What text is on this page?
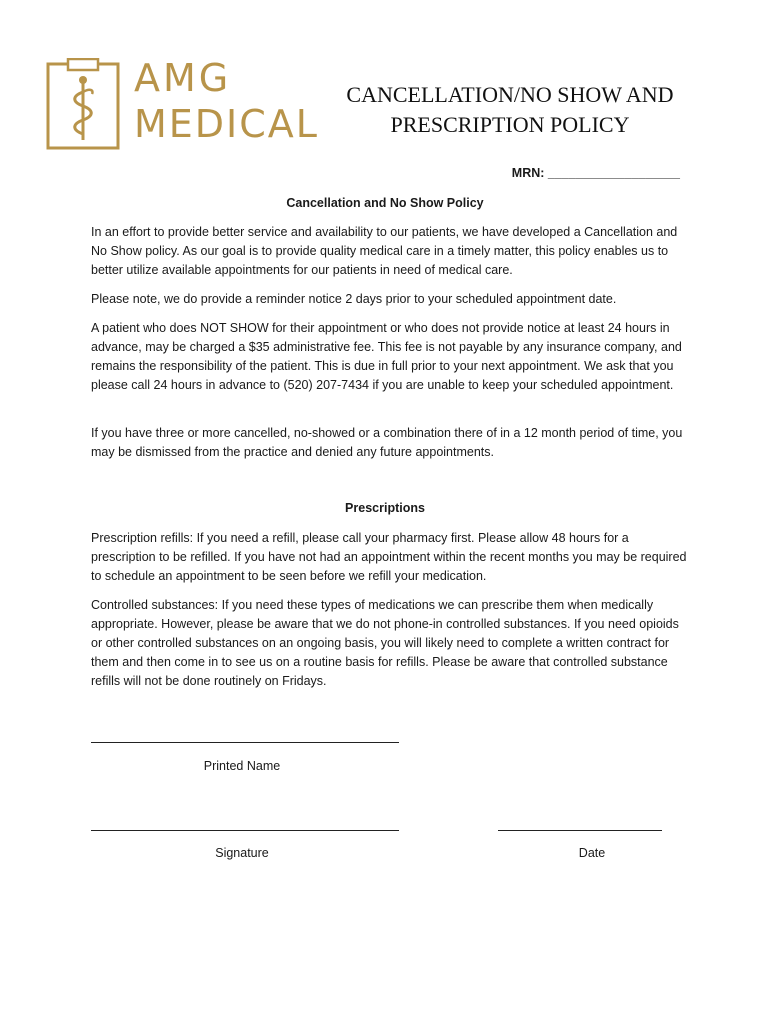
AMG
MEDICAL
CANCELLATION/NO SHOW AND
PRESCRIPTION POLICY
MRN: ___________________
Cancellation and No Show Policy
In an effort to provide better service and availability to our patients, we have developed a Cancellation and No Show policy. As our goal is to provide quality medical care in a timely matter, this policy enables us to better utilize available appointments for our patients in need of medical care.
Please note, we do provide a reminder notice 2 days prior to your scheduled appointment date.
A patient who does NOT SHOW for their appointment or who does not provide notice at least 24 hours in advance, may be charged a $35 administrative fee. This fee is not payable by any insurance company, and remains the responsibility of the patient. This is due in full prior to your next appointment. We ask that you please call 24 hours in advance to (520) 207-7434 if you are unable to keep your scheduled appointment.
If you have three or more cancelled, no-showed or a combination there of in a 12 month period of time, you may be dismissed from the practice and denied any future appointments.
Prescriptions
Prescription refills: If you need a refill, please call your pharmacy first. Please allow 48 hours for a prescription to be refilled. If you have not had an appointment within the recent months you may be required to schedule an appointment to be seen before we refill your medication.
Controlled substances: If you need these types of medications we can prescribe them when medically appropriate. However, please be aware that we do not phone-in controlled substances. If you need opioids or other controlled substances on an ongoing basis, you will likely need to complete a written contract for them and then come in to see us on a routine basis for refills. Please be aware that controlled substance refills will not be done routinely on Fridays.
Printed Name
Signature	Date
